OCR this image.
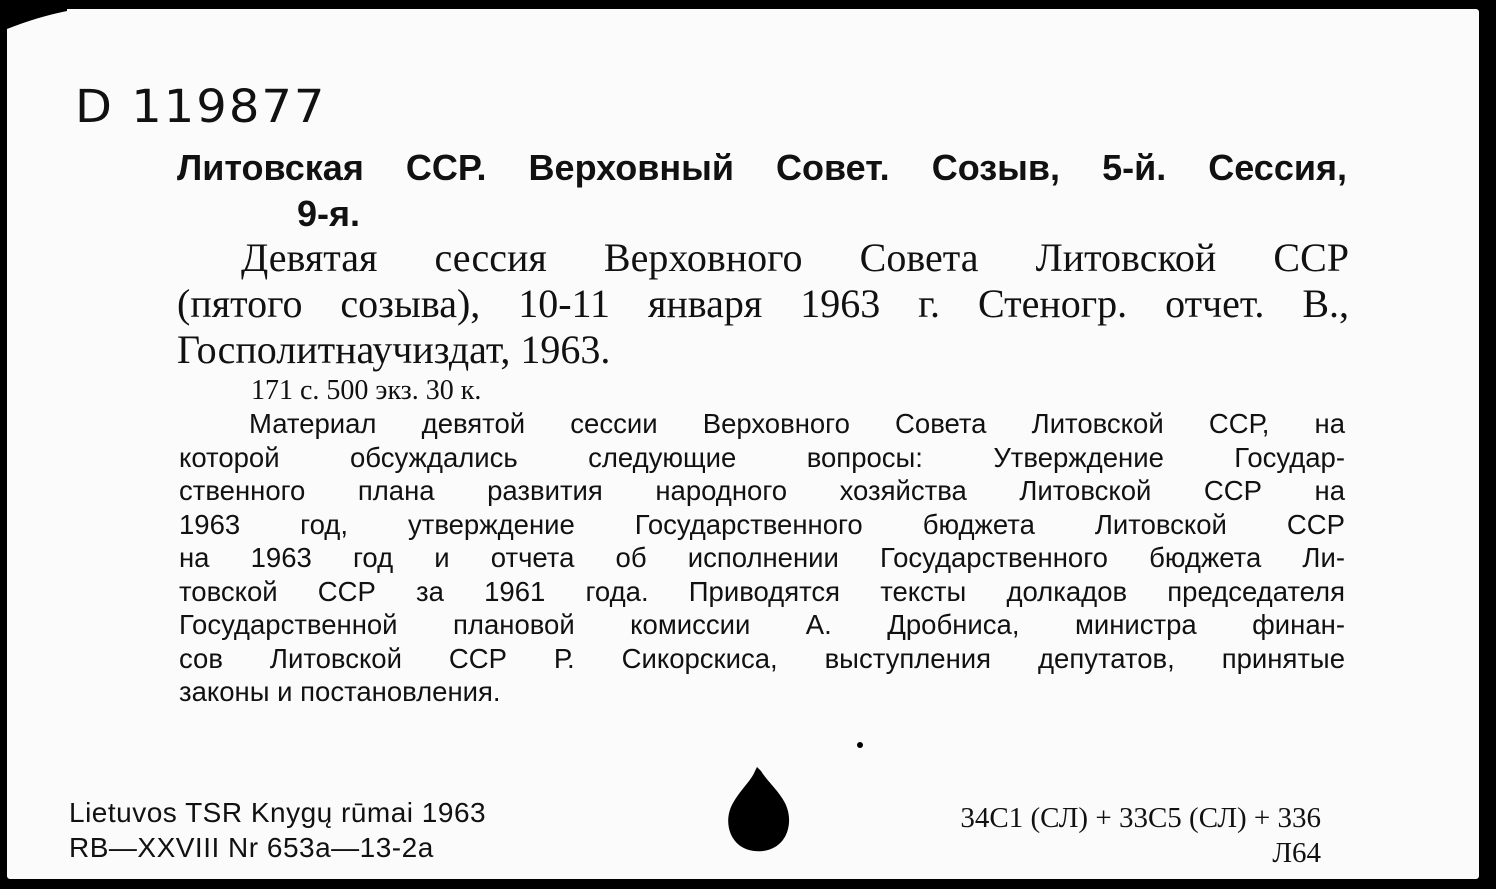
D 119877
Литовская ССР. Верховный Совет. Созыв, 5-й. Сессия,
9-я.
Девятая сессия Верховного Совета Литовской ССР
(пятого созыва), 10-11 января 1963 г. Стеногр. отчет. В.,
Госполитнаучиздат, 1963.
171 с. 500 экз. 30 к.
Материал девятой сессии Верховного Совета Литовской ССР, на
которой обсуждались следующие вопросы: Утверждение Государ-
ственного плана развития народного хозяйства Литовской ССР на
1963 год, утверждение Государственного бюджета Литовской ССР
на 1963 год и отчета об исполнении Государственного бюджета Ли-
товской ССР за 1961 года. Приводятся тексты долкадов председателя
Государственной плановой комиссии А. Дробниса, министра финан-
сов Литовской ССР Р. Сикорскиса, выступления депутатов, принятые
законы и постановления.
Lietuvos TSR Knygų rūmai 1963
RB—XXVIII Nr 653a—13-2a
34С1 (СЛ) + 33С5 (СЛ) + 336
Л64
